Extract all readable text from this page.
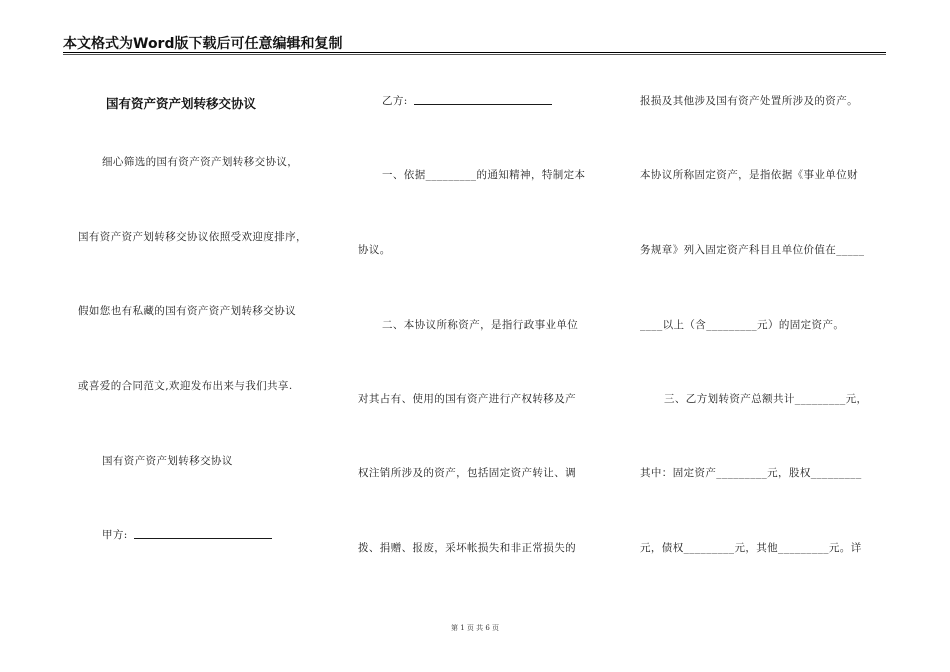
本文格式为Word版下载后可任意编辑和复制
国有资产资产划转移交协议
细心筛选的国有资产资产划转移交协议，
国有资产资产划转移交协议依照受欢迎度排序，
假如您也有私藏的国有资产资产划转移交协议
或喜爱的合同范文,欢迎发布出来与我们共享.
国有资产资产划转移交协议
甲方:
乙方:
一、依据_________的通知精神，特制定本
协议。
二、本协议所称资产，是指行政事业单位
对其占有、使用的国有资产进行产权转移及产
权注销所涉及的资产，包括固定资产转让、调
拨、捐赠、报废，采坏帐损失和非正常损失的
报损及其他涉及国有资产处置所涉及的资产。
本协议所称固定资产，是指依据《事业单位财
务规章》列入固定资产科目且单位价值在_____
____以上（含_________元）的固定资产。
三、乙方划转资产总额共计_________元，
其中：固定资产_________元，股权_________
元，债权_________元，其他_________元。详
第 1 页 共 6 页
